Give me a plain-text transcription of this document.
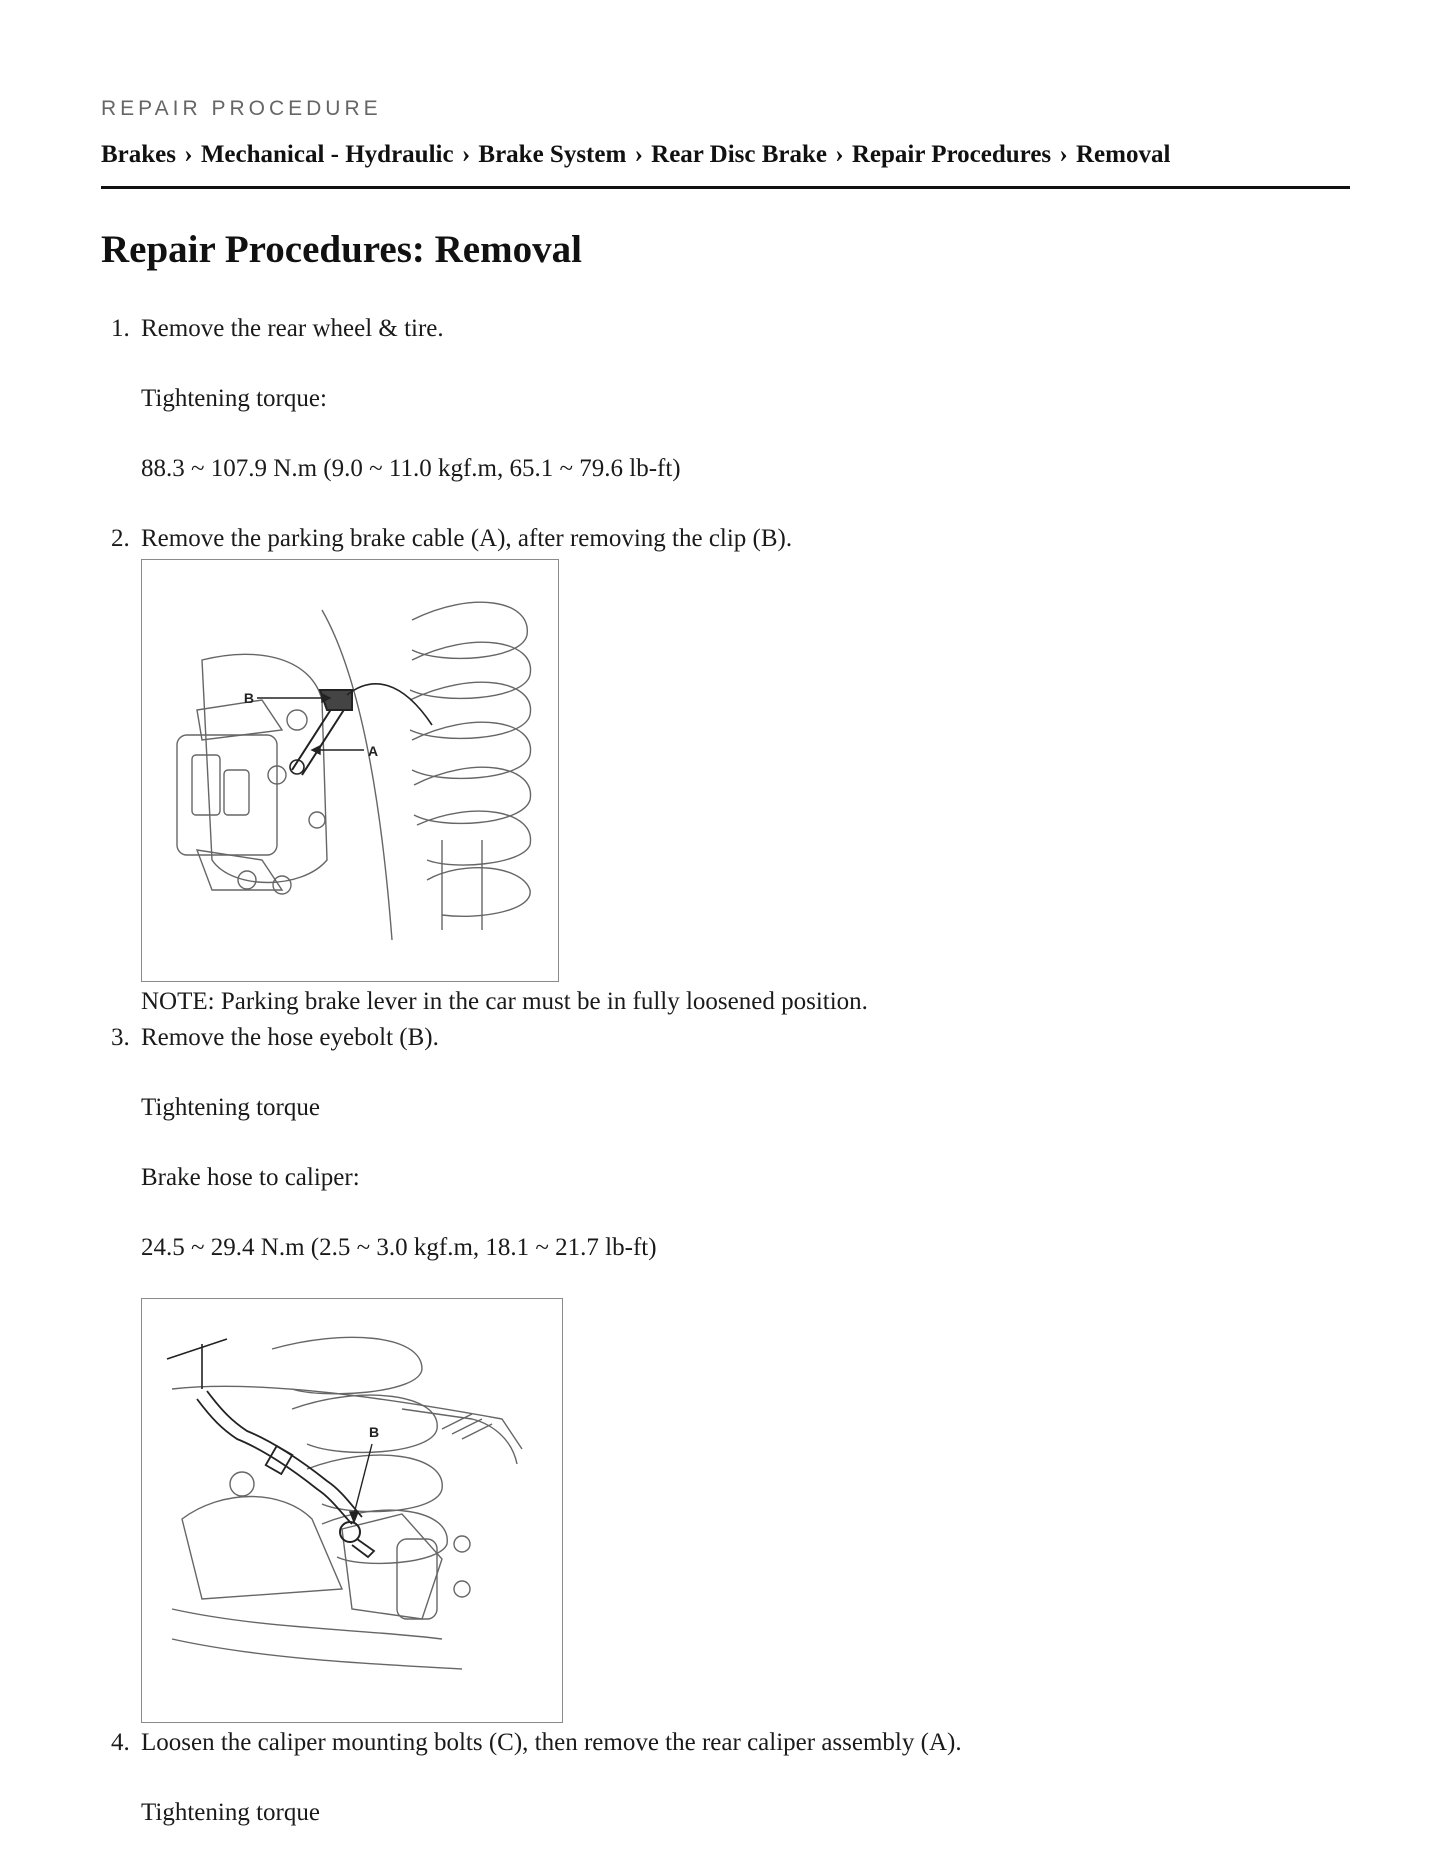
REPAIR PROCEDURE

Brakes › Mechanical - Hydraulic › Brake System › Rear Disc Brake › Repair Procedures › Removal
Repair Procedures: Removal
1. Remove the rear wheel & tire.

Tightening torque:

88.3 ~ 107.9 N.m (9.0 ~ 11.0 kgf.m, 65.1 ~ 79.6 lb-ft)

2. Remove the parking brake cable (A), after removing the clip (B).

B
A

NOTE: Parking brake lever in the car must be in fully loosened position.

3. Remove the hose eyebolt (B).

Tightening torque

Brake hose to caliper:

24.5 ~ 29.4 N.m (2.5 ~ 3.0 kgf.m, 18.1 ~ 21.7 lb-ft)

B
4. Loosen the caliper mounting bolts (C), then remove the rear caliper assembly (A).

Tightening torque
